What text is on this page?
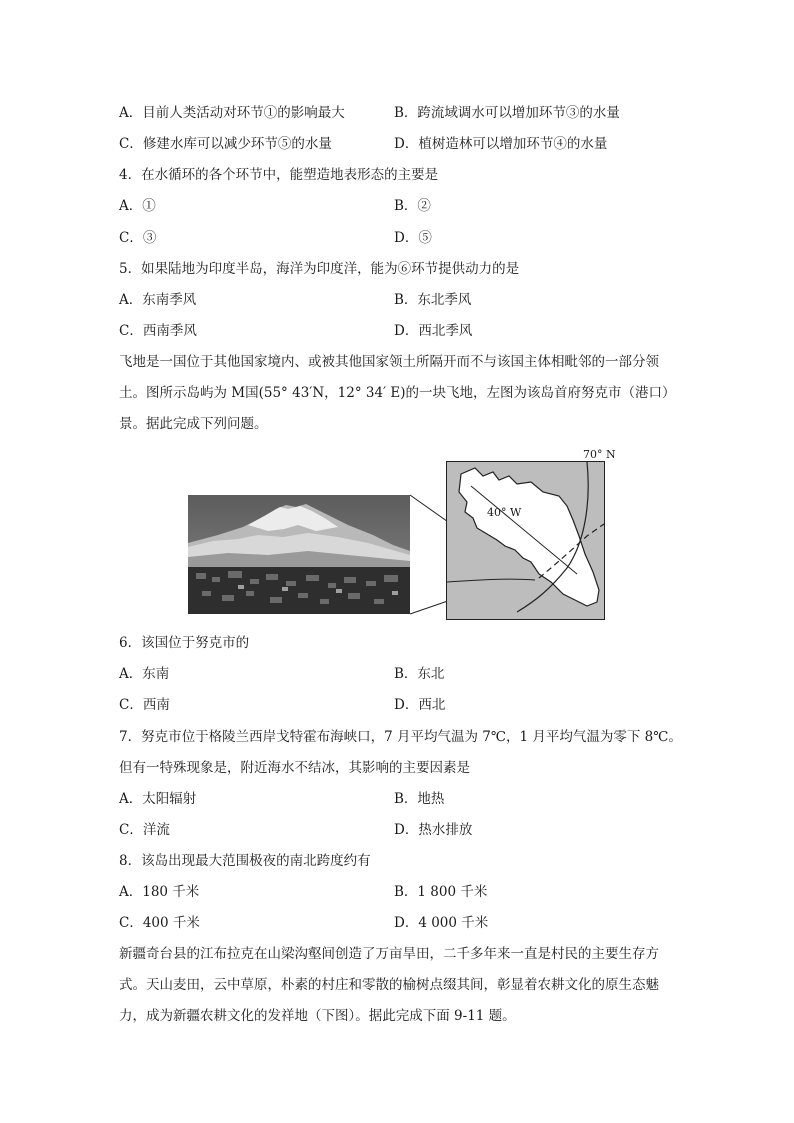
A．目前人类活动对环节①的影响最大	B．跨流域调水可以增加环节③的水量
C．修建水库可以减少环节⑤的水量	D．植树造林可以增加环节④的水量
4．在水循环的各个环节中，能塑造地表形态的主要是
A．①	B．②
C．③	D．⑤
5．如果陆地为印度半岛，海洋为印度洋，能为⑥环节提供动力的是
A．东南季风	B．东北季风
C．西南季风	D．西北季风
飞地是一国位于其他国家境内、或被其他国家领土所隔开而不与该国主体相毗邻的一部分领
土。图所示岛屿为 M国(55° 43′N，12° 34′ E)的一块飞地，左图为该岛首府努克市（港口）
景。据此完成下列问题。
40° W
70° N
6．该国位于努克市的
A．东南	B．东北
C．西南	D．西北
7．努克市位于格陵兰西岸戈特霍布海峡口，7 月平均气温为 7℃，1 月平均气温为零下 8℃。
但有一特殊现象是，附近海水不结冰，其影响的主要因素是
A．太阳辐射	B．地热
C．洋流	D．热水排放
8．该岛出现最大范围极夜的南北跨度约有
A．180 千米	B．1 800 千米
C．400 千米	D．4 000 千米
新疆奇台县的江布拉克在山梁沟壑间创造了万亩旱田，二千多年来一直是村民的主要生存方
式。天山麦田，云中草原，朴素的村庄和零散的榆树点缀其间，彰显着农耕文化的原生态魅
力，成为新疆农耕文化的发祥地（下图）。据此完成下面 9-11 题。
